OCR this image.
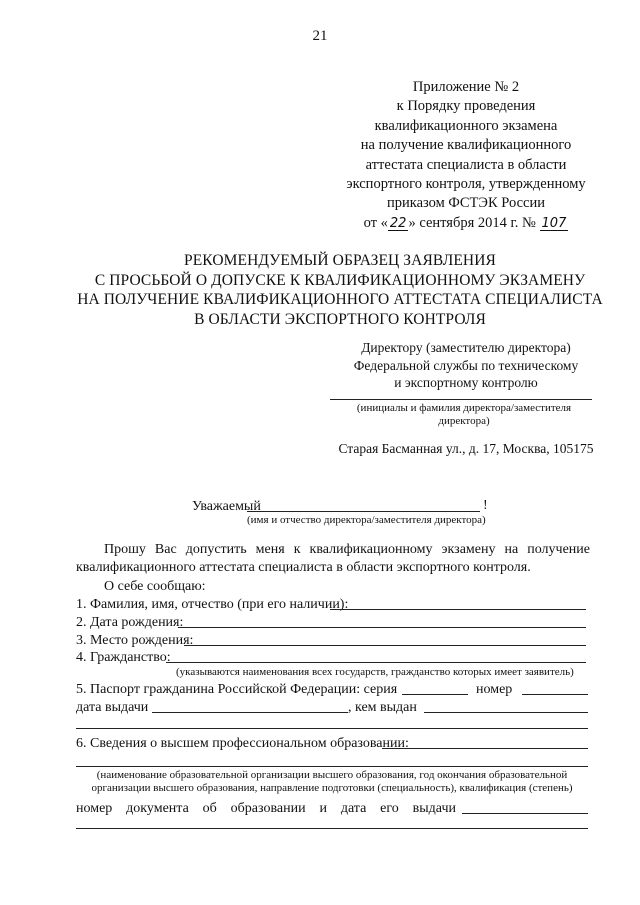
21
Приложение № 2
к Порядку проведения
квалификационного экзамена
на получение квалификационного
аттестата специалиста в области
экспортного контроля, утвержденному
приказом ФСТЭК России
от « 22 » сентября 2014 г. № 107
РЕКОМЕНДУЕМЫЙ ОБРАЗЕЦ ЗАЯВЛЕНИЯ
С ПРОСЬБОЙ О ДОПУСКЕ К КВАЛИФИКАЦИОННОМУ ЭКЗАМЕНУ
НА ПОЛУЧЕНИЕ КВАЛИФИКАЦИОННОГО АТТЕСТАТА СПЕЦИАЛИСТА
В ОБЛАСТИ ЭКСПОРТНОГО КОНТРОЛЯ
Директору (заместителю директора)
Федеральной службы по техническому
и экспортному контролю
(инициалы и фамилия директора/заместителя директора)
Старая Басманная ул., д. 17, Москва, 105175
Уважаемый	!
(имя и отчество директора/заместителя директора)
Прошу Вас допустить меня к квалификационному экзамену на получение квалификационного аттестата специалиста в области экспортного контроля.
О себе сообщаю:
1. Фамилия, имя, отчество (при его наличии):
2. Дата рождения:
3. Место рождения:
4. Гражданство:
(указываются наименования всех государств, гражданство которых имеет заявитель)
5. Паспорт гражданина Российской Федерации: серия	номер
дата выдачи	, кем выдан
6. Сведения о высшем профессиональном образовании:
(наименование образовательной организации высшего образования, год окончания образовательной организации высшего образования, направление подготовки (специальность), квалификация (степень)
номер документа об образовании и дата его выдачи
